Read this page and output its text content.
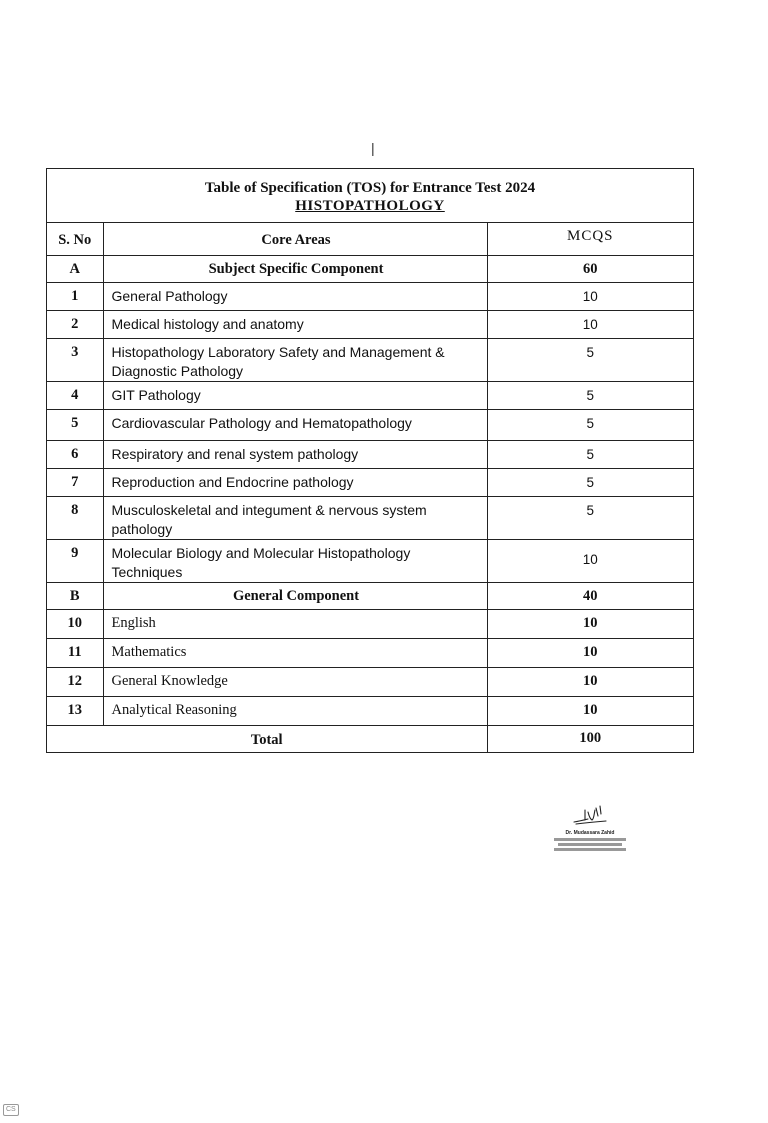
|
Table of Specification (TOS) for Entrance Test 2024
HISTOPATHOLOGY
S. No	Core Areas	MCQS
A	Subject Specific Component	60
1	General Pathology	10
2	Medical histology and anatomy	10
3	Histopathology Laboratory Safety and Management & Diagnostic Pathology	5
4	GIT Pathology	5
5	Cardiovascular Pathology and Hematopathology	5
6	Respiratory and renal system pathology	5
7	Reproduction and Endocrine pathology	5
8	Musculoskeletal and integument & nervous system pathology	5
9	Molecular Biology and Molecular Histopathology Techniques	10
B	General Component	40
10	English	10
11	Mathematics	10
12	General Knowledge	10
13	Analytical Reasoning	10
Total		100
Dr. Mudassara Zahid
CS
